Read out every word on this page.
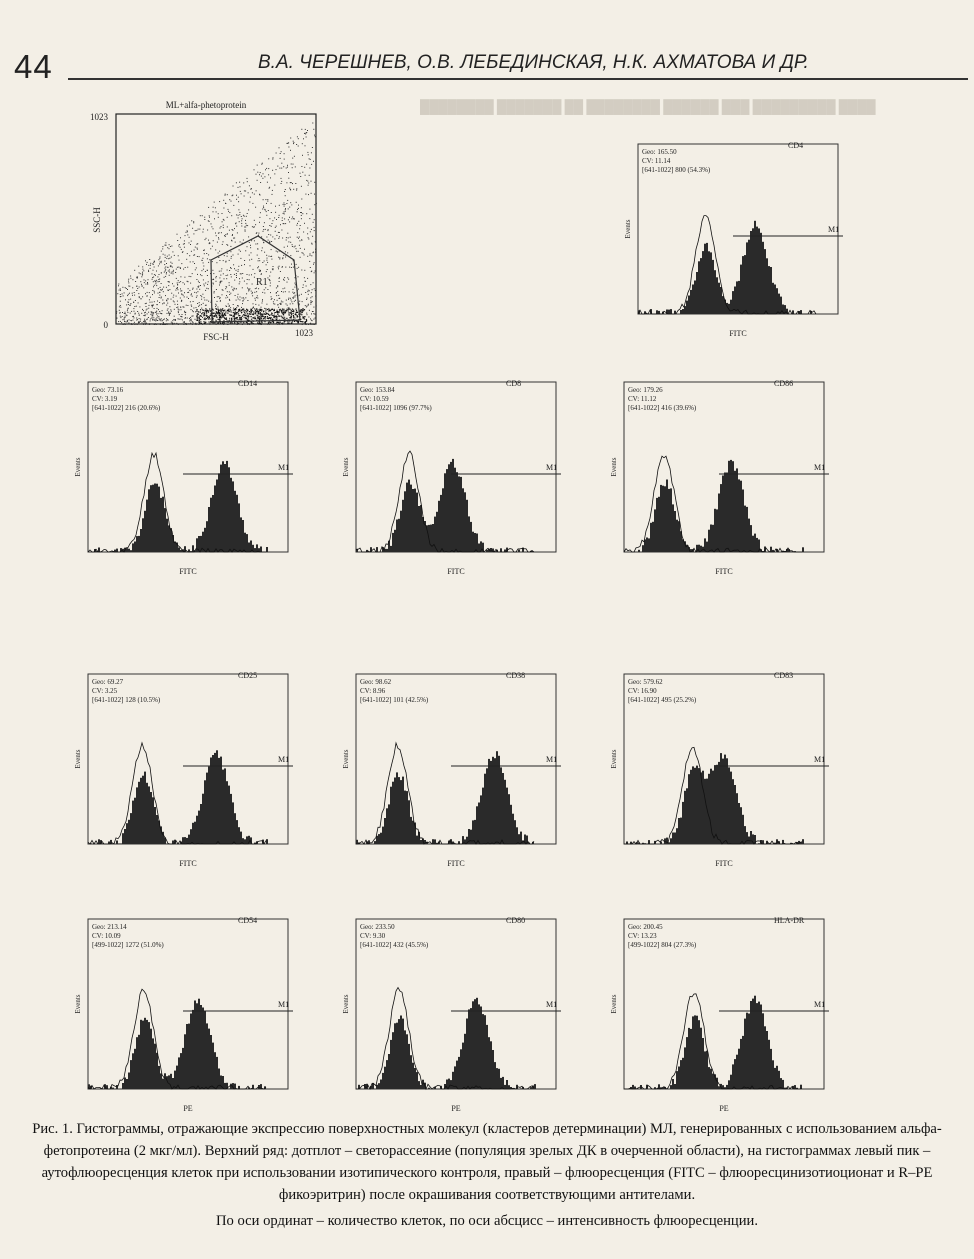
████████ ███████ ██ ████████ ██████ ███ █████████ ████
44	В.А. ЧЕРЕШНЕВ, О.В. ЛЕБЕДИНСКАЯ, Н.К. АХМАТОВА И ДР.
ML+alfa-phetoprotein
R1
1023
0
1023
FSC-H
SSC-H
M1
CD14
Geo: 73.16
CV: 3.19
[641-1022] 216 (20.6%)
FITC
Events	M1
CD8
Geo: 153.84
CV: 10.59
[641-1022] 1096 (97.7%)
FITC
Events	M1
CD86
Geo: 179.26
CV: 11.12
[641-1022] 416 (39.6%)
FITC
Events
M1
CD4
Geo: 165.50
CV: 11.14
[641-1022] 800 (54.3%)
FITC
Events
M1
CD25
Geo: 69.27
CV: 3.25
[641-1022] 128 (10.5%)
FITC
Events	M1
CD38
Geo: 98.62
CV: 8.96
[641-1022] 101 (42.5%)
FITC
Events	M1
CD83
Geo: 579.62
CV: 16.90
[641-1022] 495 (25.2%)
FITC
Events
M1
CD54
Geo: 213.14
CV: 10.09
[499-1022] 1272 (51.0%)
PE
Events	M1
CD80
Geo: 233.50
CV: 9.30
[641-1022] 432 (45.5%)
PE
Events	M1
HLA-DR
Geo: 200.45
CV: 13.23
[499-1022] 804 (27.3%)
PE
Events

Рис. 1. Гистограммы, отражающие экспрессию поверхностных молекул (кластеров детерминации) МЛ, генерированных с использованием альфа-фетопротеина (2 мкг/мл). Верхний ряд: дотплот – светорассеяние (популяция зрелых ДК в очерченной области), на гистограммах левый пик – аутофлюоресценция клеток при использовании изотипического контроля, правый – флюоресценция (FITC – флюоресцинизотиоционат и R–PE фикоэритрин) после окрашивания соответствующими антителами.

По оси ординат – количество клеток, по оси абсцисс – интенсивность флюоресценции.
